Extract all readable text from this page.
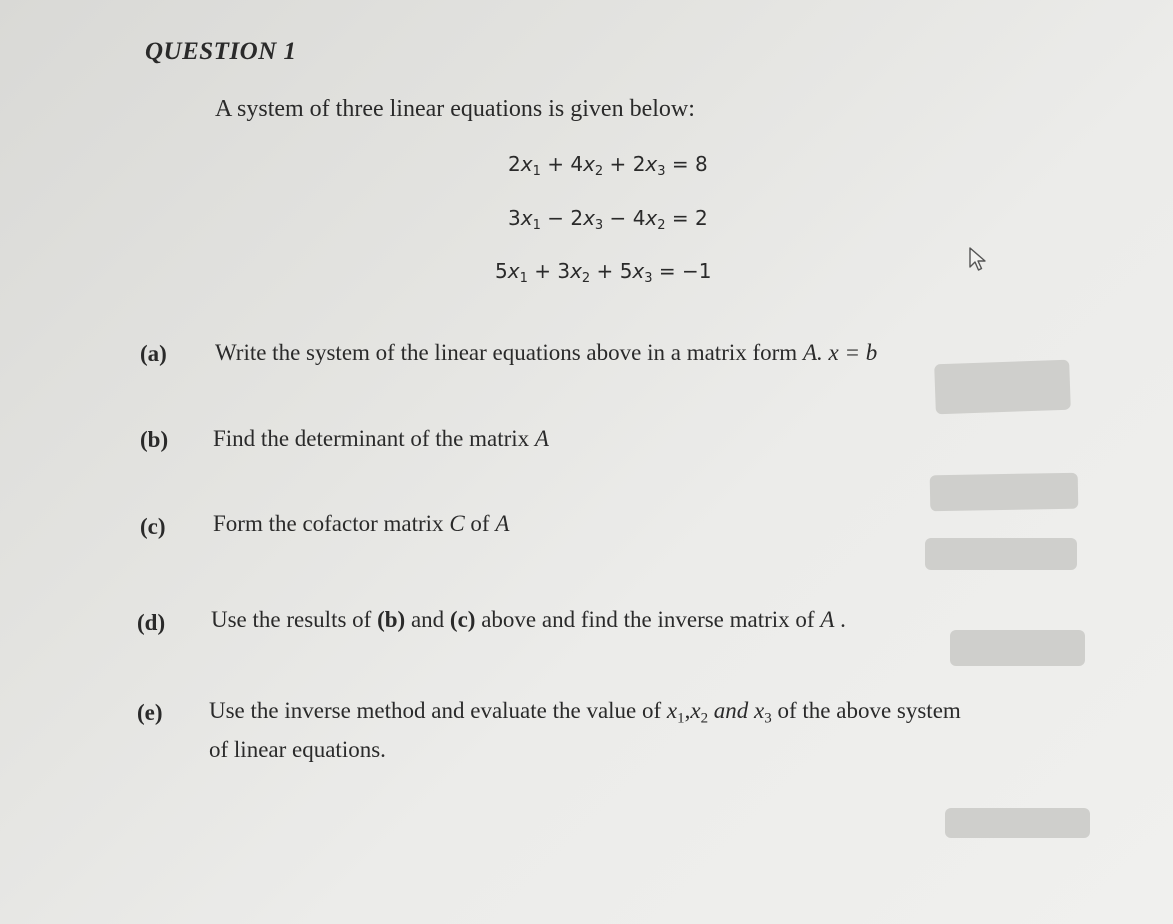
QUESTION 1
A system of three linear equations is given below:
$2x_1 + 4x_2 + 2x_3 = 8$
$3x_1 - 2x_3 - 4x_2 = 2$
$5x_1 + 3x_2 + 5x_3 = -1$
(a) Write the system of the linear equations above in a matrix form A. x = b
(b) Find the determinant of the matrix A
(c) Form the cofactor matrix C of A
(d) Use the results of (b) and (c) above and find the inverse matrix of A .
(e) Use the inverse method and evaluate the value of $x_1,x_2$ and $x_3$ of the above system
of linear equations.
